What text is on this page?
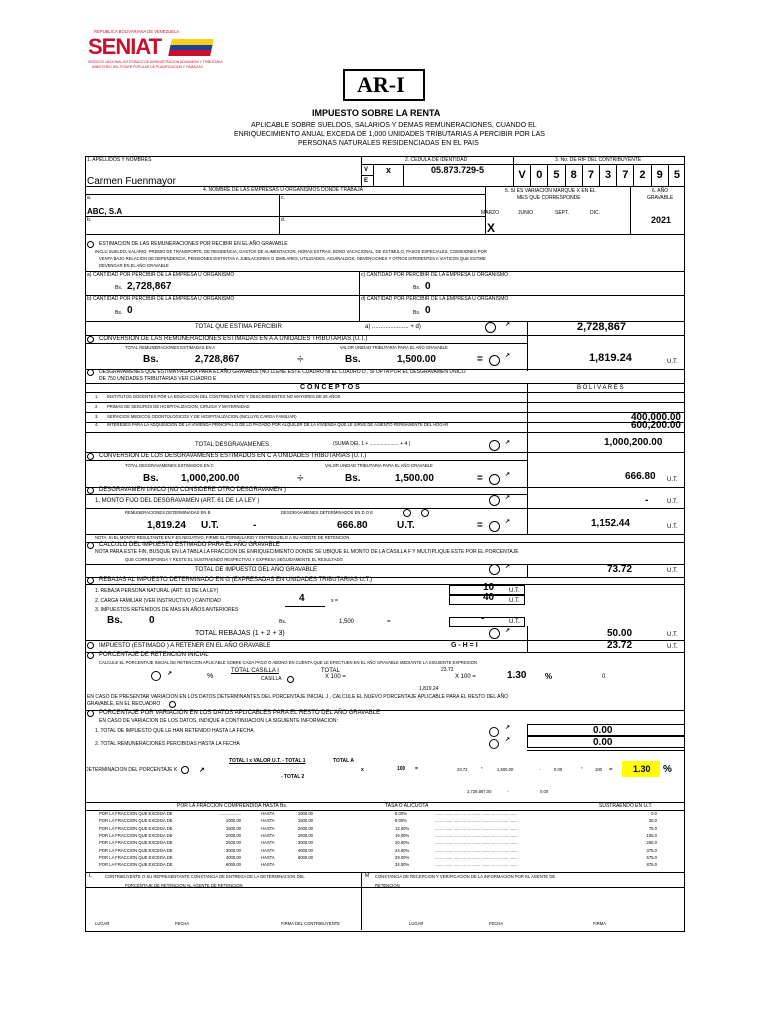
REPUBLICA BOLIVARIANA DE VENEZUELA
SENIAT
SERVICIO NACIONAL INTEGRADO DE ADMINISTRACION ADUANERA Y TRIBUTARIA
MINISTERIO DEL PODER POPULAR DE PLANIFICACION Y FINANZAS
AR-I
IMPUESTO SOBRE LA RENTA
APLICABLE SOBRE SUELDOS, SALARIOS Y DEMAS REMUNERACIONES, CUANDO EL
ENRIQUECIMIENTO ANUAL EXCEDA DE 1,000 UNIDADES TRIBUTARIAS A PERCIBIR POR LAS
PERSONAS NATURALES RESIDENCIADAS EN EL PAIS
1. APELLIDOS Y NOMBRES
Carmen Fuenmayor
2. CEDULA DE IDENTIDAD
V
E
x	05.873.729-5
3. No. DE RIF DEL CONTRIBUYENTE
V 0	5	8	7	3	7	2	9	5
4. NOMBRE DE LAS EMPRESAS U ORGANISMOS DONDE TRABAJA
a.
ABC, S.A
c.
b.	d.
5. SI ES VARIACION MARQUE X EN EL
MES QUE CORRESPONDE
MARZO	JUNIO	SEPT.	DIC.
X
6. AÑO
GRAVABLE
2021
ESTIMACION DE LAS REMUNERACIONES POR RECIBIR EN EL AÑO GRAVABLE
INCLU SUELDO, SALARIO, PREMIO DE TRANSPORTE, DE RESIDENCIA, GASTOS DE ALIMENTACION, HORAS EXTRAS, BONO VACACIONAL, DE ESTIMULO, PASOS ESPECIALES, COMISIONES POR
VENTA BAJO RELACION DE DEPENDENCIA, PENSIONES DISTINTAS A JUBILACIONES O SIMILARES, UTILIDADES, AGUINALDOS, OBVENCIONES Y OTROS DIFERENTES A VIATICOS QUE ESTIME
DEVENGAR EN EL AÑO GRAVABLE
a) CANTIDAD POR PERCIBIR DE LA EMPRESA U ORGANISMO
Bs. 2,728,867
c) CANTIDAD POR PERCIBIR DE LA EMPRESA U ORGANISMO
Bs. 0
b) CANTIDAD POR PERCIBIR DE LA EMPRESA U ORGANISMO
Bs. 0
d) CANTIDAD POR PERCIBIR DE LA EMPRESA U ORGANISMO
Bs. 0
TOTAL QUE ESTIMA PERCIBIR	a) ...................... + d)	↗	2,728,867
CONVERSION DE LAS REMUNERACIONES ESTIMADAS EN A A UNIDADES TRIBUTARIAS (U.T.)
TOTAL REMUNERACIONES ESTIMADAS EN A	VALOR UNIDAD TRIBUTARIA PARA EL AÑO GRAVABLE
Bs.	2,728,867	÷	Bs.	1,500.00	=	↗	1,819.24	U.T.
DESGRAVAMENES QUE ESTIMA PAGARA PARA EL AÑO GRAVABLE (NO LLENE ESTE CUADRO NI EL CUADRO D , SI OPTA POR EL DESGRAVAMEN UNICO
DE 750 UNIDADES TRIBUTARIAS VER CUADRO E
C O N C E P T O S	B O L I V A R E S
1. INSTITUTOS DOCENTES POR LA EDUCACION DEL CONTRIBUYENTE Y DESCENDIENTES NO MAYORES DE 25 AÑOS
2. PRIMAS DE SEGUROS DE HOSPITALIZACION, CIRUGIA Y MATERNIDAD
3. SERVICIOS MEDICOS ODONTOLOGICOS Y DE HOSPITALIZACION (INCLUYE CARGA FAMILIAR)	400,000.00
4. INTERESES PARA LA ADQUISICION DE LA VIVIENDA PRINCIPAL O DE LO PAGADO POR ALQUILER DE LA VIVIENDA QUE LE SIRVE DE ASIENTO PERMANENTE DEL HOGAR	600,200.00
TOTAL DESGRAVAMENES	(SUMA DEL 1 + ..................... + 4 )	↗	1,000,200.00
CONVERSION DE LOS DESGRAVAMENES ESTIMADOS EN C A UNIDADES TRIBUTARIAS (U.T.)
TOTAL DESGRAVAMENES ESTIMADOS EN C	VALOR UNIDAD TRIBUTARIA PARA EL AÑO GRAVABLE
Bs. 1,000,200.00	÷	Bs.	1,500.00	=	↗	666.80 U.T.
DESGRAVAMEN UNICO (NO CONSIDERE OTRO DESGRAVAMEN )
1. MONTO FIJO DEL DESGRAVAMEN (ART. 61 DE LA LEY )	↗	-	U.T.
REMUNERACIONES DETERMINADAS EN B	DESGRAVAMENES DETERMINADOS EN D O E
1,819.24 U.T.	-	666.80	U.T.	=	↗	1,152.44	U.T.
NOTA: SI EL MONTO RESULTANTE EN F ES NEGATIVO, FIRME EL FORMULARIO Y ENTREGUELO A SU AGENTE DE RETENCION
CALCULO DEL IMPUESTO ESTIMADO PARA EL AÑO GRAVABLE
NOTA PARA ESTE FIN, BUSQUE EN LA TABLA LA FRACCION DE ENRIQUECIMIENTO DONDE SE UBIQUE EL MONTO DE LA CASILLA F Y MULTIPLIQUE ESTE POR EL PORCENTAJE
QUE CORRESPONDA Y RESTE EL SUSTRAENDO RESPECTIVO Y EXPRESA SEGUIDAMENTE EL RESULTADO
TOTAL DE IMPUESTO DEL AÑO GRAVABLE	↗	73.72	U.T.
REBAJAS AL IMPUESTO DETERMINADO EN G (EXPRESADAS EN UNIDADES TRIBUTARIAS U.T.)
1. REBAJA PERSONA NATURAL (ART. 63 DE LA LEY)	10 U.T.
2. CARGA FAMILIAR (VER INSTRUCTIVO ) CANTIDAD	4	x =	40 U.T.
3. IMPUESTOS RETENIDOS DE MAS EN AÑOS ANTERIORES
Bs.	0	Bs.	1,500	=	-	U.T.
TOTAL REBAJAS (1 + 2 + 3)	↗	50.00	U.T.
IMPUESTO (ESTIMADO ) A RETENER EN EL AÑO GRAVABLE	G - H = I	23.72	U.T.
PORCENTAJE DE RETENCION INICIAL
CALCULE EL PORCENTAJE INICIAL DE RETENCION APLICABLE SOBRE CADA PAGO O ABONO EN CUENTA QUE LE EFECTUEN EN EL AÑO GRAVABLE MEDIANTE LA SIGUIENTE EXPRESION
↗	%
TOTAL CASILLA I	TOTAL
CASILLA	X 100 =
23.72
X 100 =	1.30 %	0
1,819.24
EN CASO DE PRESENTAR VARIACION EN LOS DATOS DETERMINANTES DEL PORCENTAJE INICIAL J , CALCULE EL NUEVO PORCENTAJE APLICABLE PARA EL RESTO DEL AÑO
GRAVABLE, EN EL RECUADRO
PORCENTAJE POR VARIACION EN LOS DATOS APLICABLES PARA EL RESTO DEL AÑO GRAVABLE
EN CASO DE VARIACION DE LOS DATOS, INDIQUE A CONTINUACION LA SIGUIENTE INFORMACION:
1. TOTAL DE IMPUESTO QUE LE HAN RETENIDO HASTA LA FECHA	↗	0.00
2. TOTAL REMUNERACIONES PERCIBIDAS HASTA LA FECHA
↗	0.00
DETERMINACION DEL PORCENTAJE K	↗
TOTAL I x VALOR U.T. - TOTAL 1	TOTAL A
- TOTAL 2
x	100 =	23.72	*	1,500.00	-	0.00	*	100 = 1.30 %
2,728,867.00	-	0.00
POR LA FRACCION COMPRENDIDA HASTA Bs.	TASA O ALICUOTA	SUSTRAENDO EN U.T.
POR LA FRACCION QUE EXCEDA DE	...................	HASTA	1000.00	6.00%	....... ....... ....... ....... ....... ....... ....... ....... .......	0.0
POR LA FRACCION QUE EXCEDA DE	1000.00	HASTA	1500.00	9.00%	....... ....... ....... ....... ....... ....... ....... ....... .......	30.0
POR LA FRACCION QUE EXCEDA DE	1500.00	HASTA	2000.00	12.00%	....... ....... ....... ....... ....... ....... ....... ....... .......	75.0
POR LA FRACCION QUE EXCEDA DE	2000.00	HASTA	2500.00	16.00%	....... ....... ....... ....... ....... ....... ....... ....... .......	155.0
POR LA FRACCION QUE EXCEDA DE	2500.00	HASTA	3000.00	20.00%	....... ....... ....... ....... ....... ....... ....... ....... .......	255.0
POR LA FRACCION QUE EXCEDA DE	3000.00	HASTA	4000.00	24.00%	....... ....... ....... ....... ....... ....... ....... ....... .......	375.0
POR LA FRACCION QUE EXCEDA DE	4000.00	HASTA	6000.00	29.00%	....... ....... ....... ....... ....... ....... ....... ....... .......	575.0
POR LA FRACCION QUE EXCEDA DE	6000.00	HASTA	34.00%	....... ....... ....... ....... ....... ....... ....... ....... .......	875.0
L	CONTRIBUYENTE O SU REPRESENTANTE CONSTANCIA DE ENTREGA DE LA DETERMINACION DEL
PORCENTAJE DE RETENCION AL AGENTE DE RETENCION
M CONSTANCIA DE RECEPCION Y VERIFICACION DE LA INFORMACION POR EL AGENTE DE
RETENCION
LUGAR	FECHA	FIRMA DEL CONTRIBUYENTE	LUGAR	FECHA	FIRMA
